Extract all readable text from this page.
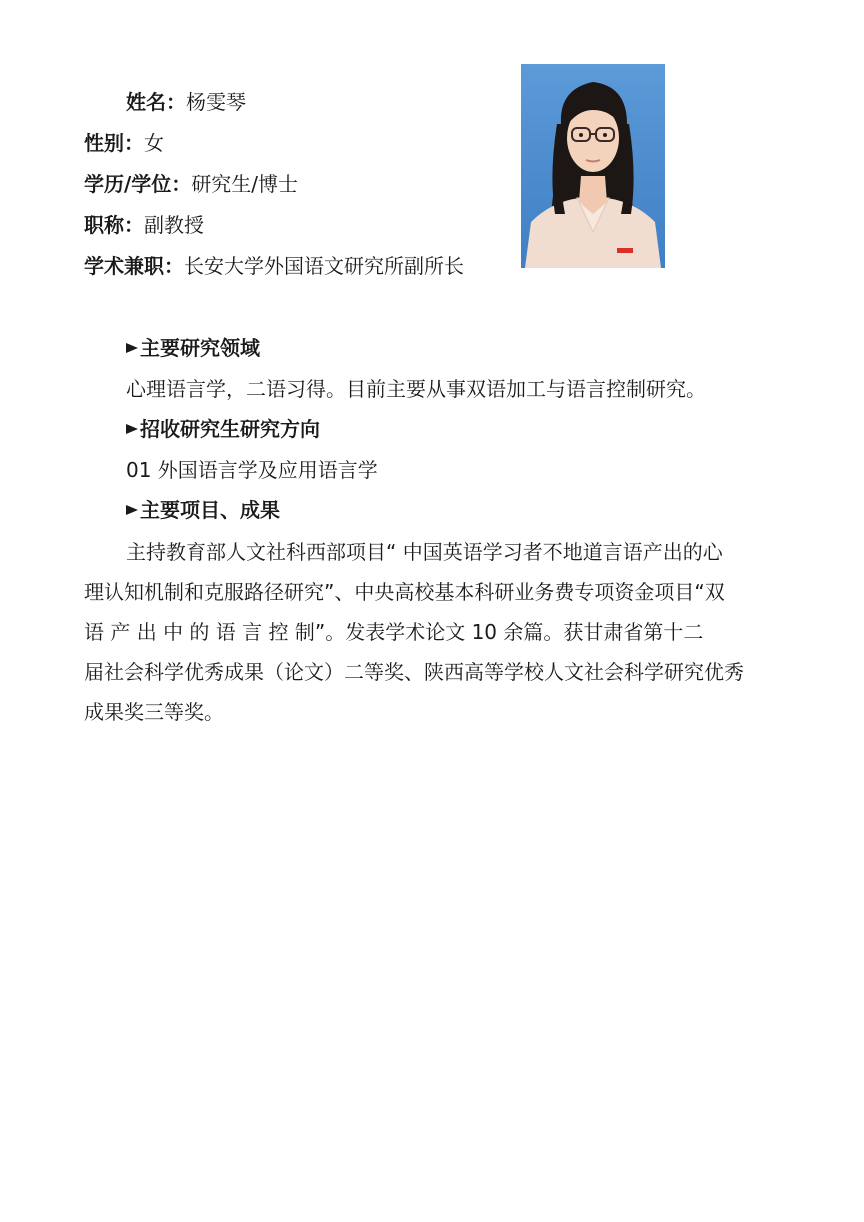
姓名：杨雯琴
性别：女
学历/学位：研究生/博士
职称：副教授
学术兼职：长安大学外国语文研究所副所长
主要研究领域
心理语言学，二语习得。目前主要从事双语加工与语言控制研究。
招收研究生研究方向
01 外国语言学及应用语言学
主要项目、成果
主持教育部人文社科西部项目“ 中国英语学习者不地道言语产出的心
理认知机制和克服路径研究”、中央高校基本科研业务费专项资金项目“双
语 产 出 中 的 语 言 控 制”。发表学术论文 10 余篇。获甘肃省第十二
届社会科学优秀成果（论文）二等奖、陕西高等学校人文社会科学研究优秀
成果奖三等奖。
